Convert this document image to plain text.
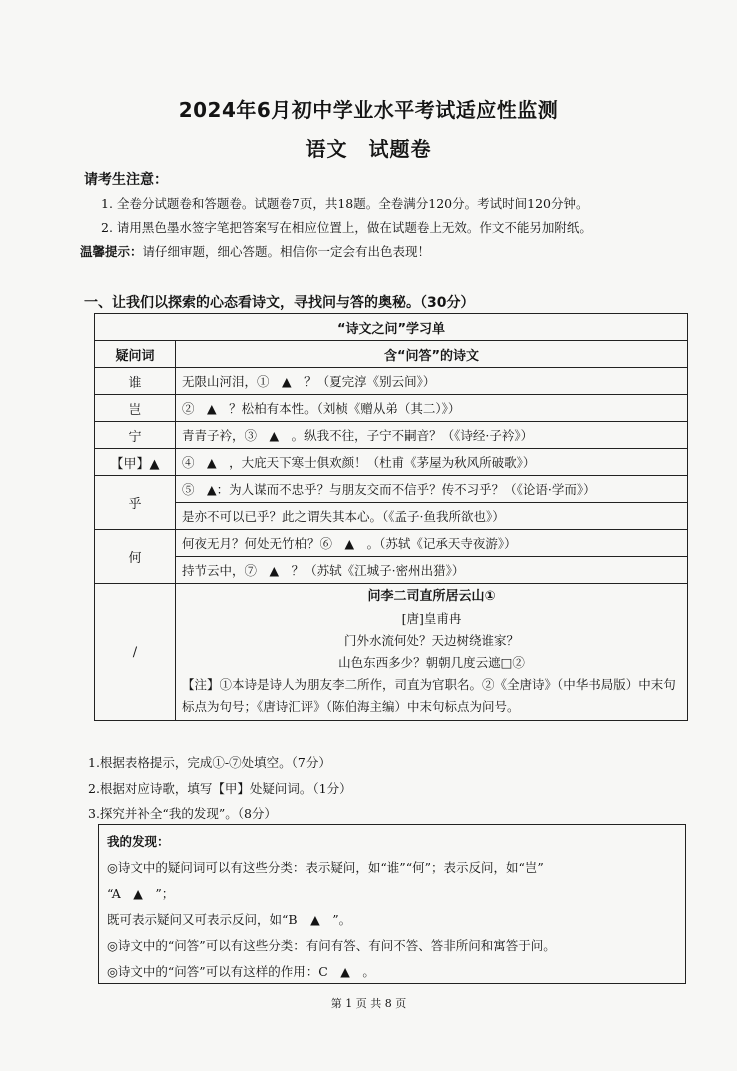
2024年6月初中学业水平考试适应性监测
语文　试题卷
请考生注意：
1. 全卷分试题卷和答题卷。试题卷7页，共18题。全卷满分120分。考试时间120分钟。
2. 请用黑色墨水签字笔把答案写在相应位置上，做在试题卷上无效。作文不能另加附纸。
温馨提示：请仔细审题，细心答题。相信你一定会有出色表现！
一、让我们以探索的心态看诗文，寻找问与答的奥秘。（30分）
“诗文之问”学习单	
疑问词	含“问答”的诗文
谁	无限山河泪，①　▲　？（夏完淳《别云间》）
岂	②　▲　？松柏有本性。（刘桢《赠从弟（其二）》）
宁	青青子衿，③　▲　。纵我不往，子宁不嗣音？（《诗经·子衿》）
【甲】▲	④　▲　，大庇天下寒士俱欢颜！（杜甫《茅屋为秋风所破歌》）
乎	⑤　▲：为人谋而不忠乎？与朋友交而不信乎？传不习乎？（《论语·学而》）
	是亦不可以已乎？此之谓失其本心。（《孟子·鱼我所欲也》）
何	何夜无月？何处无竹柏？⑥　▲　。（苏轼《记承天寺夜游》）
	持节云中，⑦　▲　？（苏轼《江城子·密州出猎》）
/	问李二司直所居云山①
[唐]皇甫冉
门外水流何处？天边树绕谁家？
山色东西多少？朝朝几度云遮□②
【注】①本诗是诗人为朋友李二所作，司直为官职名。②《全唐诗》（中华书局版）中末句标点为句号；《唐诗汇评》（陈伯海主编）中末句标点为问号。
1.根据表格提示，完成①-⑦处填空。（7分）
2.根据对应诗歌，填写【甲】处疑问词。（1分）
3.探究并补全“我的发现”。（8分）
我的发现：
◎诗文中的疑问词可以有这些分类：表示疑问，如“谁”“何”；表示反问，如“岂”
“A　▲　”；
既可表示疑问又可表示反问，如“B　▲　”。
◎诗文中的“问答”可以有这些分类：有问有答、有问不答、答非所问和寓答于问。
◎诗文中的“问答”可以有这样的作用：C　▲　。
第 1 页 共 8 页
